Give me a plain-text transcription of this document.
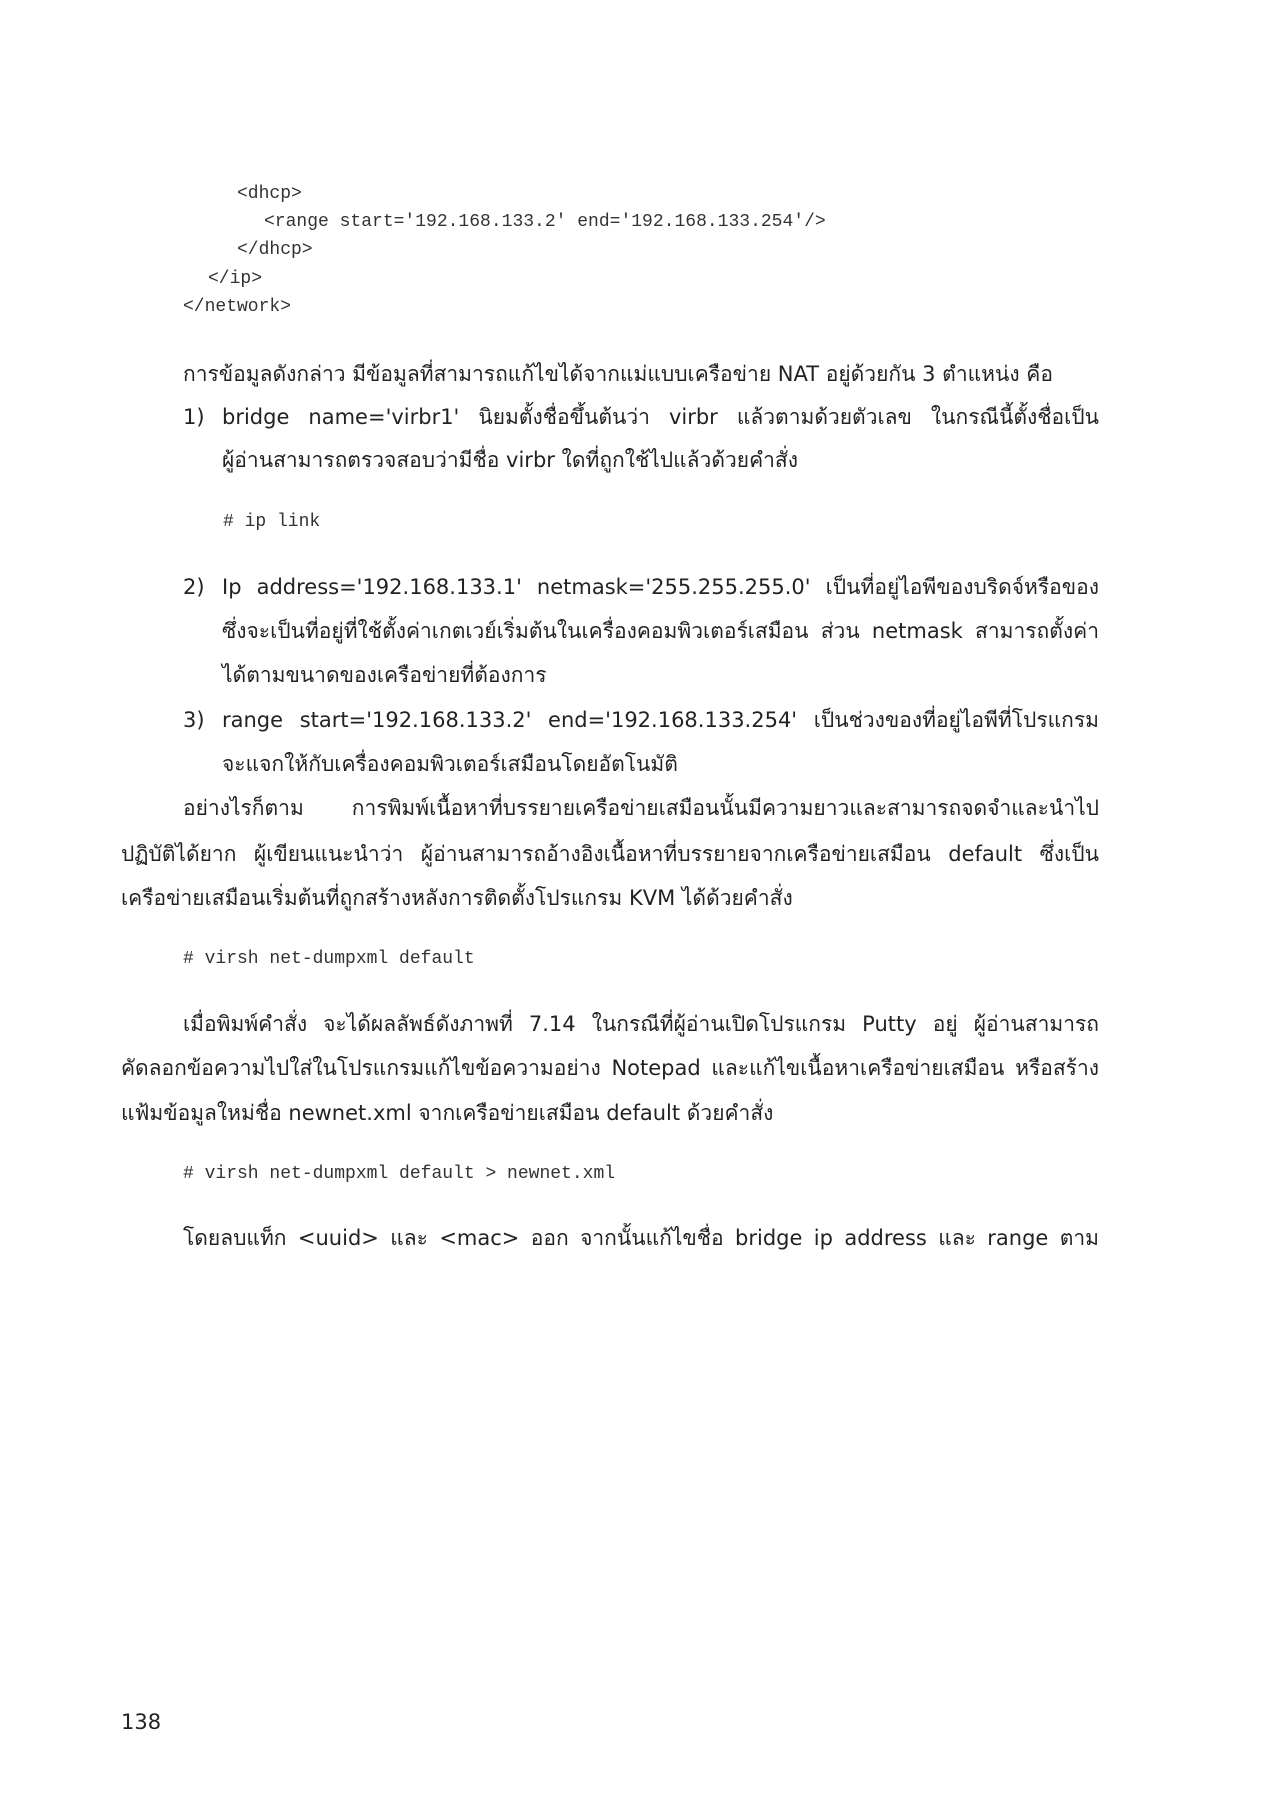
<dhcp>
<range start='192.168.133.2' end='192.168.133.254'/>
</dhcp>
</ip>
</network>
การข้อมูลดังกล่าว มีข้อมูลที่สามารถแก้ไขได้จากแม่แบบเครือข่าย NAT อยู่ด้วยกัน 3 ตำแหน่ง คือ
1) bridge name='virbr1' นิยมตั้งชื่อขึ้นต้นว่า virbr แล้วตามด้วยตัวเลข ในกรณีนี้ตั้งชื่อเป็น
ผู้อ่านสามารถตรวจสอบว่ามีชื่อ virbr ใดที่ถูกใช้ไปแล้วด้วยคำสั่ง
# ip link
2) Ip address='192.168.133.1' netmask='255.255.255.0' เป็นที่อยู่ไอพีของบริดจ์หรือของ
ซึ่งจะเป็นที่อยู่ที่ใช้ตั้งค่าเกตเวย์เริ่มต้นในเครื่องคอมพิวเตอร์เสมือน ส่วน netmask สามารถตั้งค่า
ได้ตามขนาดของเครือข่ายที่ต้องการ
3) range start='192.168.133.2' end='192.168.133.254' เป็นช่วงของที่อยู่ไอพีที่โปรแกรม
จะแจกให้กับเครื่องคอมพิวเตอร์เสมือนโดยอัตโนมัติ
อย่างไรก็ตาม การพิมพ์เนื้อหาที่บรรยายเครือข่ายเสมือนนั้นมีความยาวและสามารถจดจำและนำไป
ปฏิบัติได้ยาก ผู้เขียนแนะนำว่า ผู้อ่านสามารถอ้างอิงเนื้อหาที่บรรยายจากเครือข่ายเสมือน default ซึ่งเป็น
เครือข่ายเสมือนเริ่มต้นที่ถูกสร้างหลังการติดตั้งโปรแกรม KVM ได้ด้วยคำสั่ง
# virsh net-dumpxml default
เมื่อพิมพ์คำสั่ง จะได้ผลลัพธ์ดังภาพที่ 7.14 ในกรณีที่ผู้อ่านเปิดโปรแกรม Putty อยู่ ผู้อ่านสามารถ
คัดลอกข้อความไปใส่ในโปรแกรมแก้ไขข้อความอย่าง Notepad และแก้ไขเนื้อหาเครือข่ายเสมือน หรือสร้าง
แฟ้มข้อมูลใหม่ชื่อ newnet.xml จากเครือข่ายเสมือน default ด้วยคำสั่ง
# virsh net-dumpxml default > newnet.xml
โดยลบแท็ก <uuid> และ <mac> ออก จากนั้นแก้ไขชื่อ bridge ip address และ range ตาม
138
